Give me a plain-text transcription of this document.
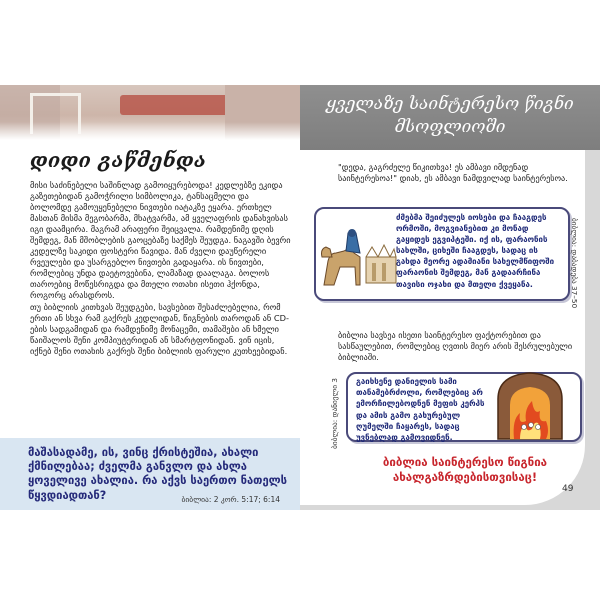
დიდი გაწმენდა

მისი საძინებელი საშინლად გამოიყურებოდა! კედლებზე ეკიდა გაზეთებიდან გამოჭრილი სიმბოლიკა, ტანსაცმელი და ბოლომდე გამოუყენებელი ნივთები იატაკზე ეყარა. ერთხელ მასთან მისმა მეგობარმა, მხატვარმა, ამ ყველაფრის დანახვისას იგი დაამცირა. მაგრამ არაფერი შეიცვალა. რამდენიმე დღის შემდეგ, მან მშობლების გაოცებაზე საქმეს შეუდგა. ნაგავში ბევრი კედელზე საკიდი ფოსტერი წავიდა. მან ძველი დაუწერელი რვეულები და უსარგებლო ნივთები გადაყარა. ის ნივთები, რომლებიც უნდა დაეტოვებინა, ლამაზად დაალაგა. ბოლოს თაროებიც მოწესრიგდა და მთელი ოთახი ისეთი ჰქონდა, როგორც არასდროს.

თუ ბიბლიის კითხვას შეუდგები, სავსებით შესაძლებელია, რომ ერთი ან სხვა რამ გაქრეს კედლიდან, წიგნების თაროდან ან CD-ების სადგამიდან და რამდენიმე მონაცემი, თამაშები ან ხმელი წაიშალოს შენი კომპიუტერიდან ან სმარტფონიდან. ვინ იცის, იქნებ შენი ოთახის გაქრეს შენი ბიბლიის ფარული კუთხეებიდან.

მაშასადამე, ის, ვინც ქრისტეშია, ახალი ქმნილებაა; ძველმა განვლო და ახლა ყოველივე ახალია. რა აქვს საერთო ნათელს წყვდიადთან?	ბიბლია: 2 კორ. 5:17; 6:14
ყველაზე საინტერესო წიგნი მსოფლიოში
"დედა, გაგრძელე წიკითხვა! ეს ამბავი იმდენად საინტერესოა!" დიახ, ეს ამბავი ნამდვილად საინტერესოა.
ძმებმა შეიძულეს იოსები და ჩააგდეს ორმოში, მოგვიანებით კი მონად გაყიდეს ეგვიპტეში. იქ ის, ფარაონის სახლში, ციხეში ჩააგდეს, სადაც ის გახდა მეორე ადამიანი სახელმწიფოში ფარაონის შემდეგ, მან გადაარჩინა თავისი ოჯახი და მთელი ქვეყანა.	ბიბლია: დაბადება 37–50
ბიბლია სავსეა ისეთი საინტერესო ფაქტორებით და სასწაულებით, რომლებიც ღვთის მიერ არის შესრულებული ბიბლიაში.
ბიბლია: დანიელი 3 გაიხსენე დანიელის სამი თანამებრძოლი, რომლებიც არ ემორჩილებოდნენ მეფის კერპს და ამის გამო გახურებულ ღუმელში ჩაყარეს, სადაც უვნებლად გამოვიდნენ.
ბიბლია საინტერესო წიგნია ახალგაზრდებისთვისაც!
49
